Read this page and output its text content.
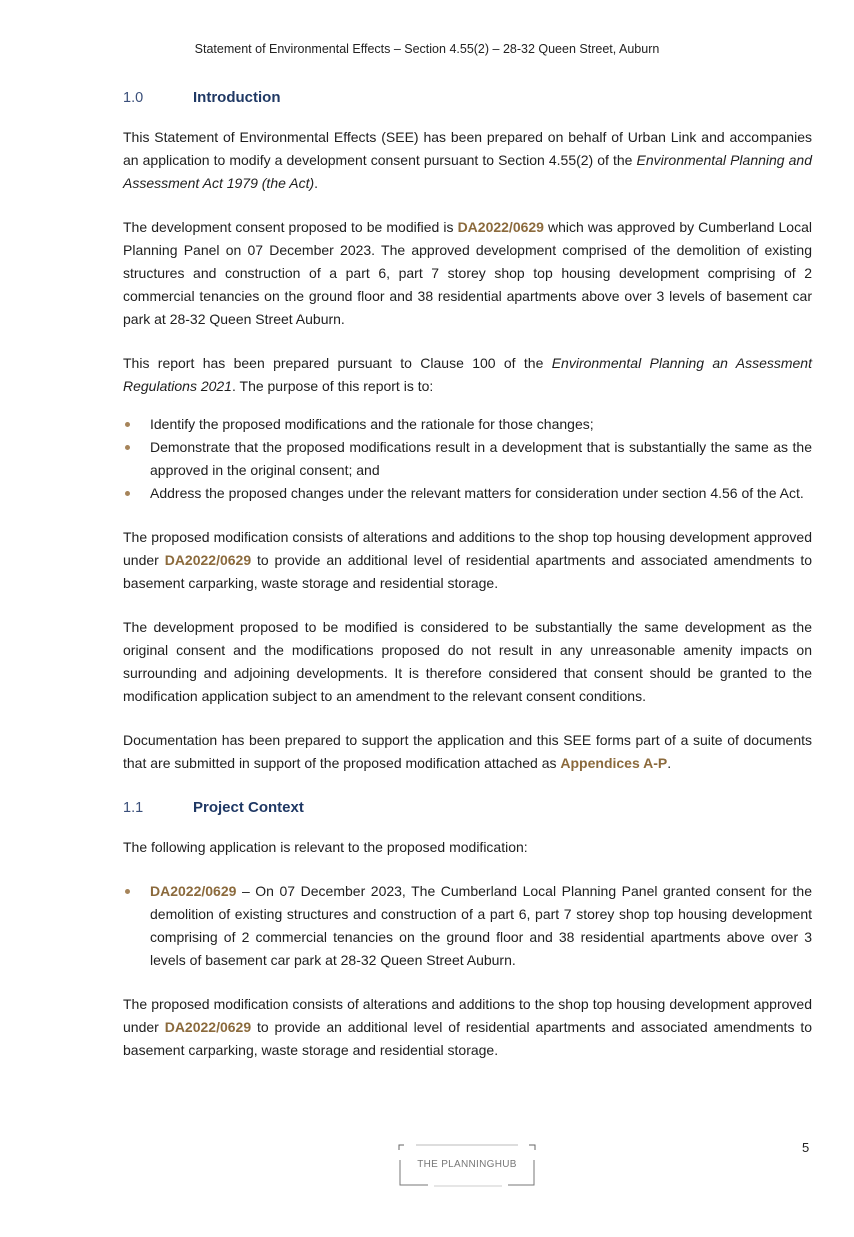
Statement of Environmental Effects – Section 4.55(2) – 28-32 Queen Street, Auburn
1.0	Introduction

This Statement of Environmental Effects (SEE) has been prepared on behalf of Urban Link and accompanies an application to modify a development consent pursuant to Section 4.55(2) of the Environmental Planning and Assessment Act 1979 (the Act).

The development consent proposed to be modified is DA2022/0629 which was approved by Cumberland Local Planning Panel on 07 December 2023. The approved development comprised of the demolition of existing structures and construction of a part 6, part 7 storey shop top housing development comprising of 2 commercial tenancies on the ground floor and 38 residential apartments above over 3 levels of basement car park at 28-32 Queen Street Auburn.

This report has been prepared pursuant to Clause 100 of the Environmental Planning an Assessment Regulations 2021. The purpose of this report is to:

Identify the proposed modifications and the rationale for those changes;
Demonstrate that the proposed modifications result in a development that is substantially the same as the approved in the original consent; and
Address the proposed changes under the relevant matters for consideration under section 4.56 of the Act.

The proposed modification consists of alterations and additions to the shop top housing development approved under DA2022/0629 to provide an additional level of residential apartments and associated amendments to basement carparking, waste storage and residential storage.

The development proposed to be modified is considered to be substantially the same development as the original consent and the modifications proposed do not result in any unreasonable amenity impacts on surrounding and adjoining developments. It is therefore considered that consent should be granted to the modification application subject to an amendment to the relevant consent conditions.

Documentation has been prepared to support the application and this SEE forms part of a suite of documents that are submitted in support of the proposed modification attached as Appendices A-P.

1.1	Project Context

The following application is relevant to the proposed modification:

DA2022/0629 – On 07 December 2023, The Cumberland Local Planning Panel granted consent for the demolition of existing structures and construction of a part 6, part 7 storey shop top housing development comprising of 2 commercial tenancies on the ground floor and 38 residential apartments above over 3 levels of basement car park at 28-32 Queen Street Auburn.

The proposed modification consists of alterations and additions to the shop top housing development approved under DA2022/0629 to provide an additional level of residential apartments and associated amendments to basement carparking, waste storage and residential storage.

THE PLANNINGHUB
5
